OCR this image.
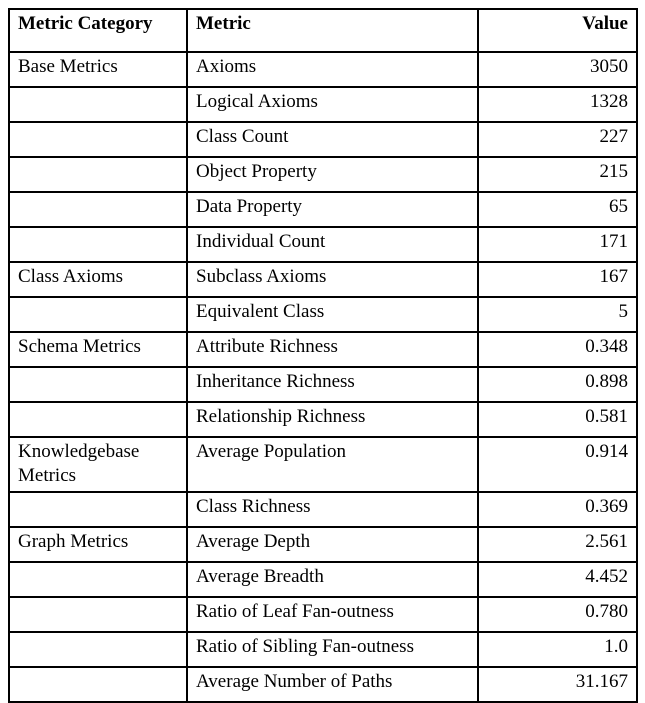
Metric Category	Metric	Value
Base Metrics	Axioms	3050
	Logical Axioms	1328
	Class Count	227
	Object Property	215
	Data Property	65
	Individual Count	171
Class Axioms	Subclass Axioms	167
	Equivalent Class	5
Schema Metrics	Attribute Richness	0.348
	Inheritance Richness	0.898
	Relationship Richness	0.581
Knowledgebase Metrics	Average Population	0.914
	Class Richness	0.369
Graph Metrics	Average Depth	2.561
	Average Breadth	4.452
	Ratio of Leaf Fan-outness	0.780
	Ratio of Sibling Fan-outness	1.0
	Average Number of Paths	31.167
